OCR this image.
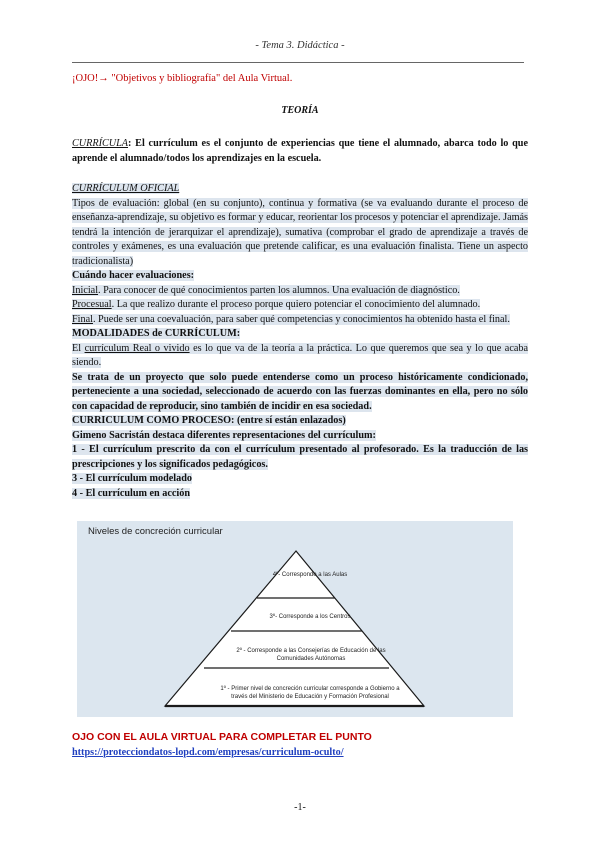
- Tema 3. Didáctica -
¡OJO!→ "Objetivos y bibliografía" del Aula Virtual.
TEORÍA
CURRÍCULA: El currículum es el conjunto de experiencias que tiene el alumnado, abarca todo lo que aprende el alumnado/todos los aprendizajes en la escuela.
CURRÍCULUM OFICIAL
Tipos de evaluación: global (en su conjunto), continua y formativa (se va evaluando durante el proceso de enseñanza-aprendizaje, su objetivo es formar y educar, reorientar los procesos y potenciar el aprendizaje. Jamás tendrá la intención de jerarquizar el aprendizaje), sumativa (comprobar el grado de aprendizaje a través de controles y exámenes, es una evaluación que pretende calificar, es una evaluación finalista. Tiene un aspecto tradicionalista)
Cuándo hacer evaluaciones:
Inicial. Para conocer de qué conocimientos parten los alumnos. Una evaluación de diagnóstico.
Procesual. La que realizo durante el proceso porque quiero potenciar el conocimiento del alumnado.
Final. Puede ser una coevaluación, para saber qué competencias y conocimientos ha obtenido hasta el final.
MODALIDADES de CURRÍCULUM:
El currículum Real o vivido es lo que va de la teoría a la práctica. Lo que queremos que sea y lo que acaba siendo.
Se trata de un proyecto que solo puede entenderse como un proceso históricamente condicionado, perteneciente a una sociedad, seleccionado de acuerdo con las fuerzas dominantes en ella, pero no sólo con capacidad de reproducir, sino también de incidir en esa sociedad.
CURRICULUM COMO PROCESO: (entre sí están enlazados)
Gimeno Sacristán destaca diferentes representaciones del currículum:
1 - El currículum prescrito da con el currículum presentado al profesorado. Es la traducción de las prescripciones y los significados pedagógicos.
3 - El currículum modelado
4 - El currículum en acción
Niveles de concreción curricular
4º- Corresponde a las Aulas
3º- Corresponde a los Centros
2º - Corresponde a las Consejerías de Educación de las Comunidades Autónomas
1º - Primer nivel de concreción curricular corresponde a Gobierno a través del Ministerio de Educación y Formación Profesional
OJO CON EL AULA VIRTUAL PARA COMPLETAR EL PUNTO
https://protecciondatos-lopd.com/empresas/curriculum-oculto/
-1-
